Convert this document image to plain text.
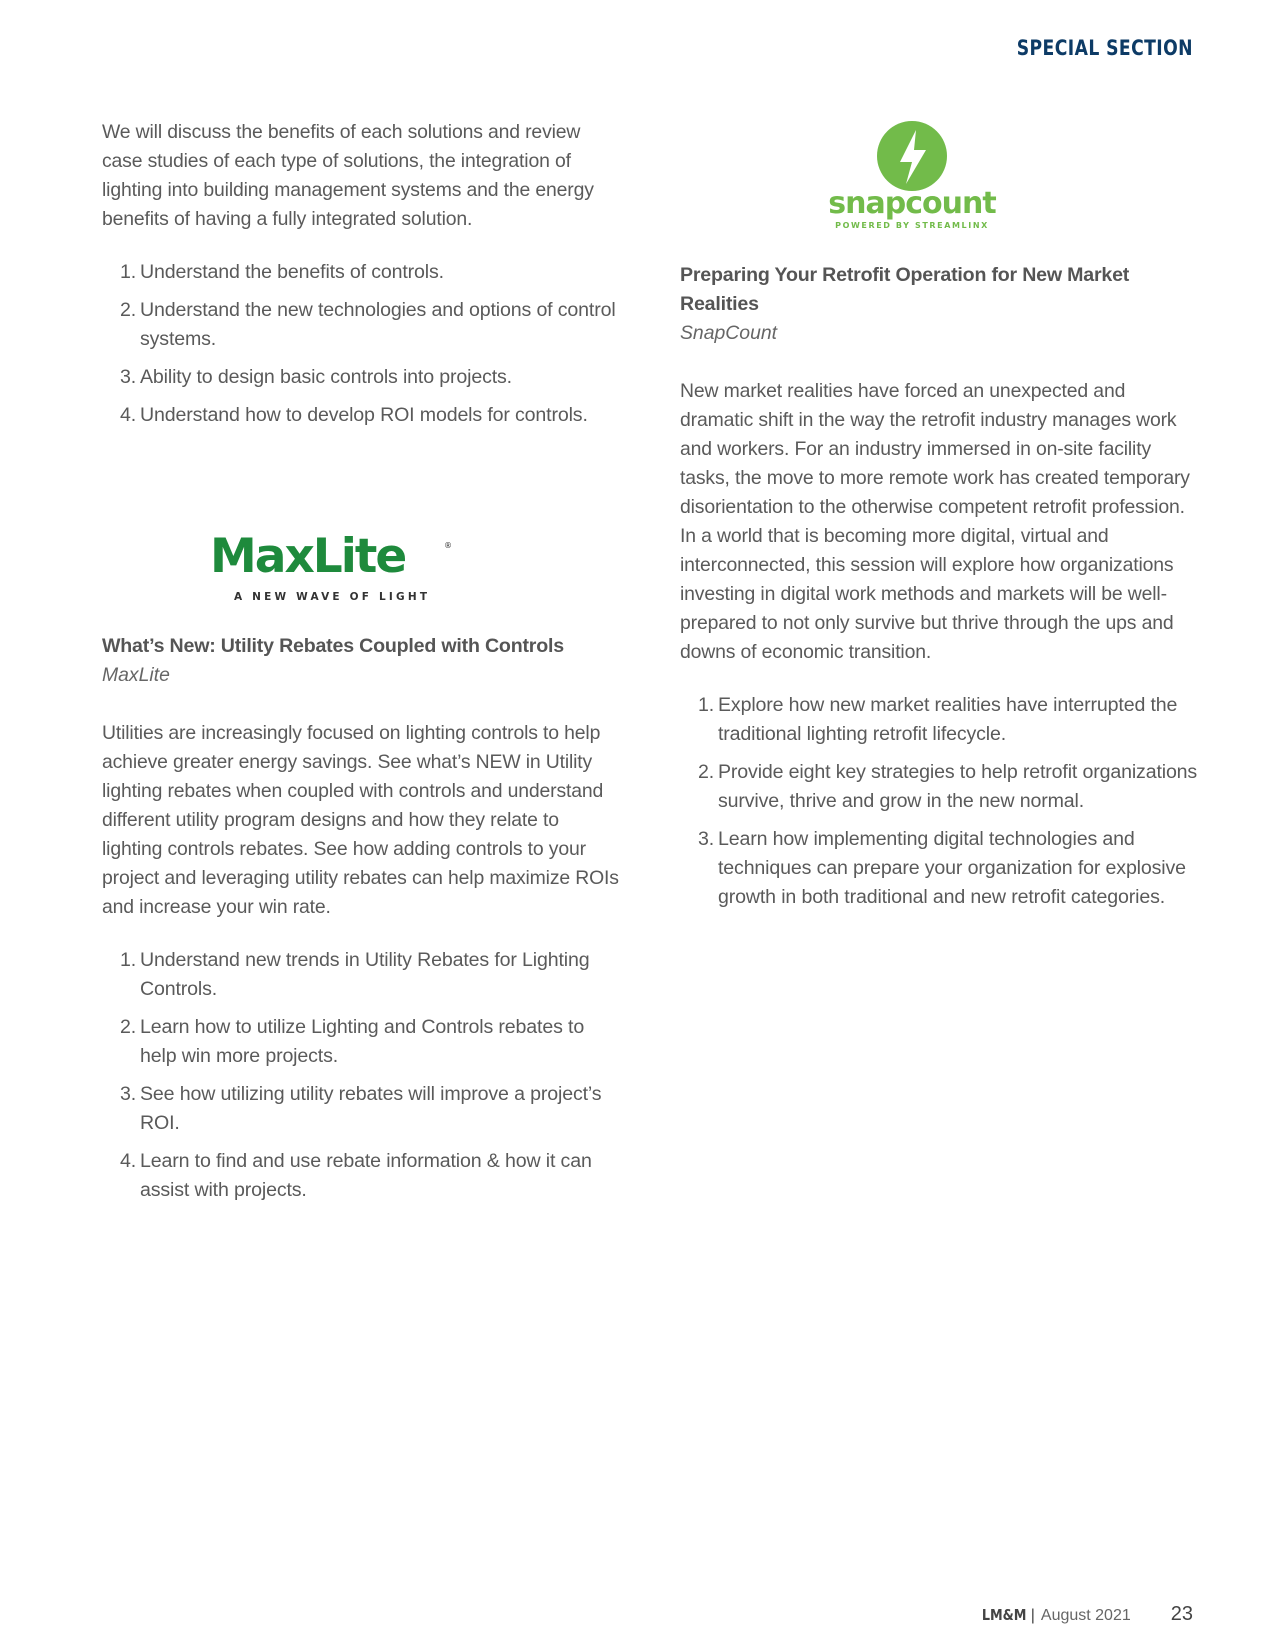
SPECIAL SECTION

We will discuss the benefits of each solutions and review case studies of each type of solutions, the integration of lighting into building management systems and the energy benefits of having a fully integrated solution.

1. Understand the benefits of controls.
2. Understand the new technologies and options of control systems.
3. Ability to design basic controls into projects.
4. Understand how to develop ROI models for controls.
MaxLite
A NEW WAVE OF LIGHT
®
What’s New: Utility Rebates Coupled with Controls

MaxLite

Utilities are increasingly focused on lighting controls to help achieve greater energy savings. See what’s NEW in Utility lighting rebates when coupled with controls and understand different utility program designs and how they relate to lighting controls rebates. See how adding controls to your project and leveraging utility rebates can help maximize ROIs and increase your win rate.

1. Understand new trends in Utility Rebates for Lighting Controls.
2. Learn how to utilize Lighting and Controls rebates to help win more projects.
3. See how utilizing utility rebates will improve a project’s ROI.
4. Learn to find and use rebate information & how it can assist with projects.
snapcount
POWERED BY STREAMLINX
Preparing Your Retrofit Operation for New Market Realities

SnapCount

New market realities have forced an unexpected and dramatic shift in the way the retrofit industry manages work and workers. For an industry immersed in on-site facility tasks, the move to more remote work has created temporary disorientation to the otherwise competent retrofit profession. In a world that is becoming more digital, virtual and interconnected, this session will explore how organizations investing in digital work methods and markets will be well-prepared to not only survive but thrive through the ups and downs of economic transition.

1. Explore how new market realities have interrupted the traditional lighting retrofit lifecycle.
2. Provide eight key strategies to help retrofit organizations survive, thrive and grow in the new normal.
3. Learn how implementing digital technologies and techniques can prepare your organization for explosive growth in both traditional and new retrofit categories.
LM&M | August 2021 23
